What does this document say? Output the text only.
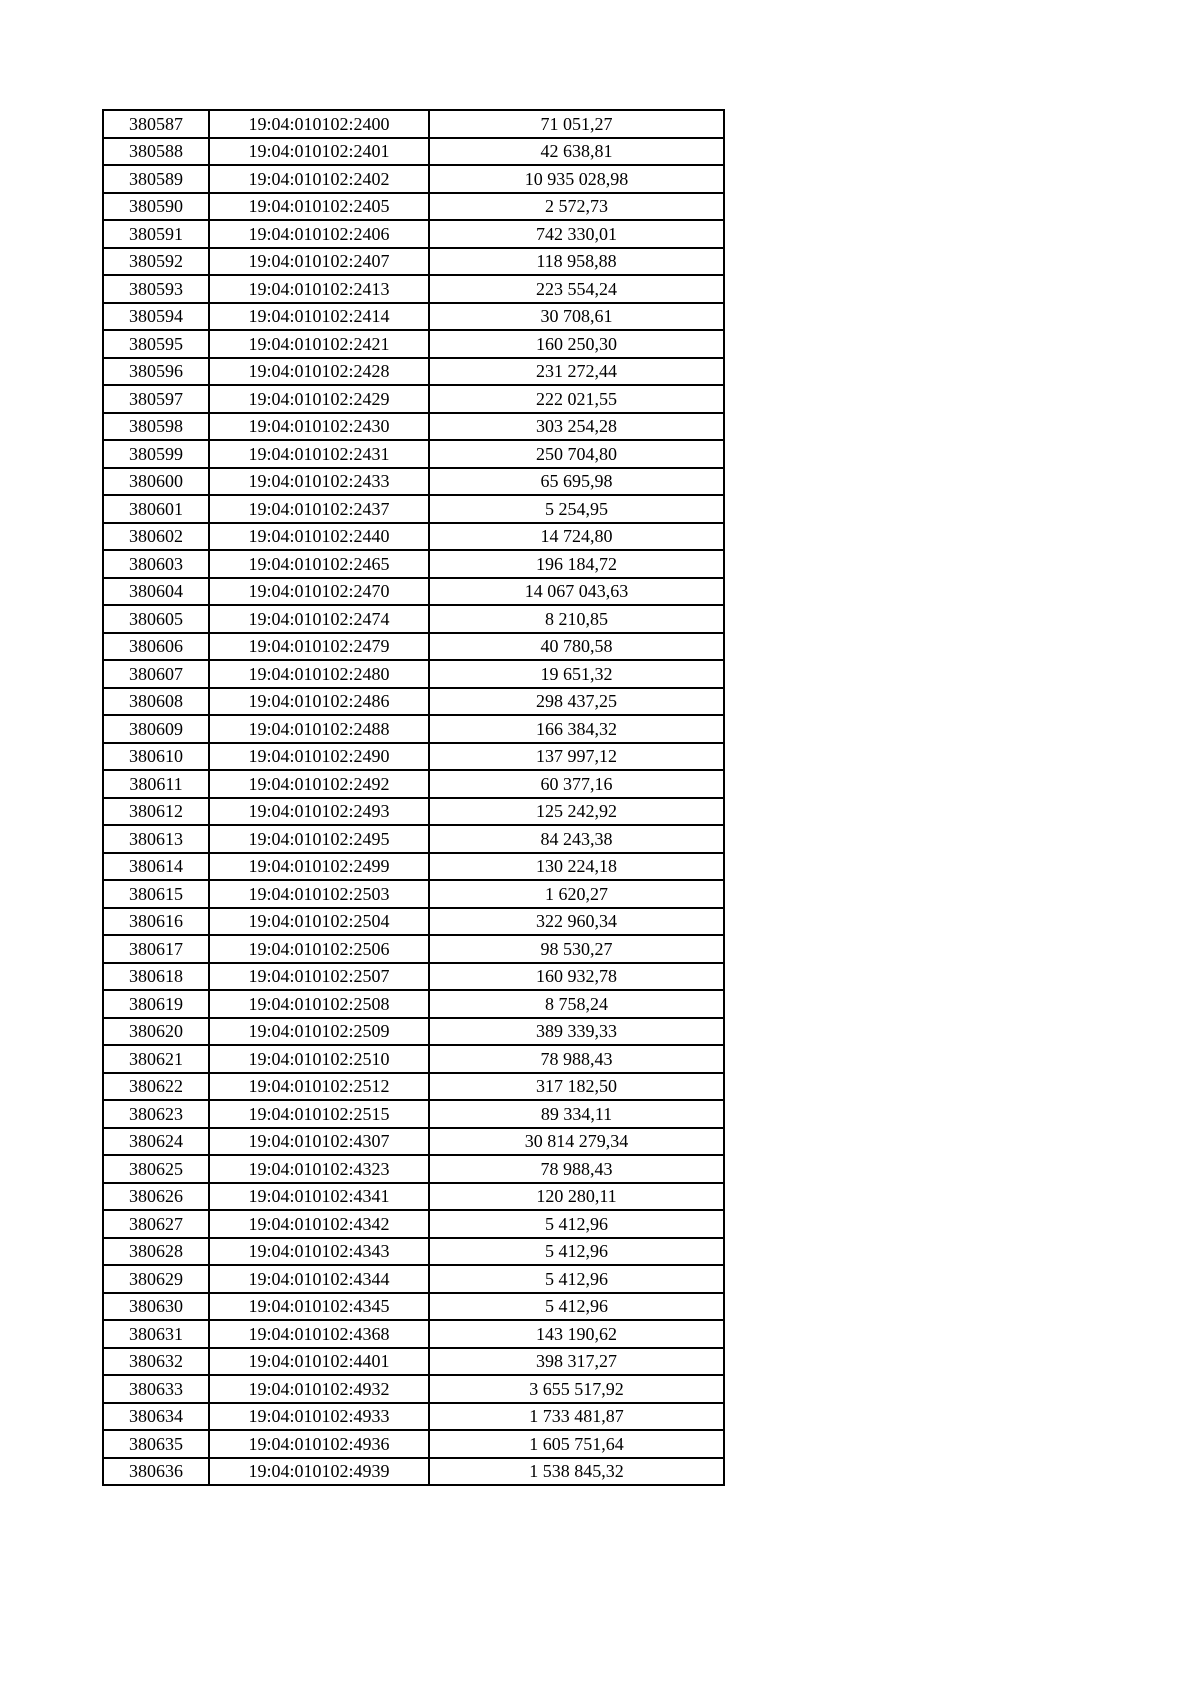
380587	19:04:010102:2400	71 051,27
380588	19:04:010102:2401	42 638,81
380589	19:04:010102:2402	10 935 028,98
380590	19:04:010102:2405	2 572,73
380591	19:04:010102:2406	742 330,01
380592	19:04:010102:2407	118 958,88
380593	19:04:010102:2413	223 554,24
380594	19:04:010102:2414	30 708,61
380595	19:04:010102:2421	160 250,30
380596	19:04:010102:2428	231 272,44
380597	19:04:010102:2429	222 021,55
380598	19:04:010102:2430	303 254,28
380599	19:04:010102:2431	250 704,80
380600	19:04:010102:2433	65 695,98
380601	19:04:010102:2437	5 254,95
380602	19:04:010102:2440	14 724,80
380603	19:04:010102:2465	196 184,72
380604	19:04:010102:2470	14 067 043,63
380605	19:04:010102:2474	8 210,85
380606	19:04:010102:2479	40 780,58
380607	19:04:010102:2480	19 651,32
380608	19:04:010102:2486	298 437,25
380609	19:04:010102:2488	166 384,32
380610	19:04:010102:2490	137 997,12
380611	19:04:010102:2492	60 377,16
380612	19:04:010102:2493	125 242,92
380613	19:04:010102:2495	84 243,38
380614	19:04:010102:2499	130 224,18
380615	19:04:010102:2503	1 620,27
380616	19:04:010102:2504	322 960,34
380617	19:04:010102:2506	98 530,27
380618	19:04:010102:2507	160 932,78
380619	19:04:010102:2508	8 758,24
380620	19:04:010102:2509	389 339,33
380621	19:04:010102:2510	78 988,43
380622	19:04:010102:2512	317 182,50
380623	19:04:010102:2515	89 334,11
380624	19:04:010102:4307	30 814 279,34
380625	19:04:010102:4323	78 988,43
380626	19:04:010102:4341	120 280,11
380627	19:04:010102:4342	5 412,96
380628	19:04:010102:4343	5 412,96
380629	19:04:010102:4344	5 412,96
380630	19:04:010102:4345	5 412,96
380631	19:04:010102:4368	143 190,62
380632	19:04:010102:4401	398 317,27
380633	19:04:010102:4932	3 655 517,92
380634	19:04:010102:4933	1 733 481,87
380635	19:04:010102:4936	1 605 751,64
380636	19:04:010102:4939	1 538 845,32
